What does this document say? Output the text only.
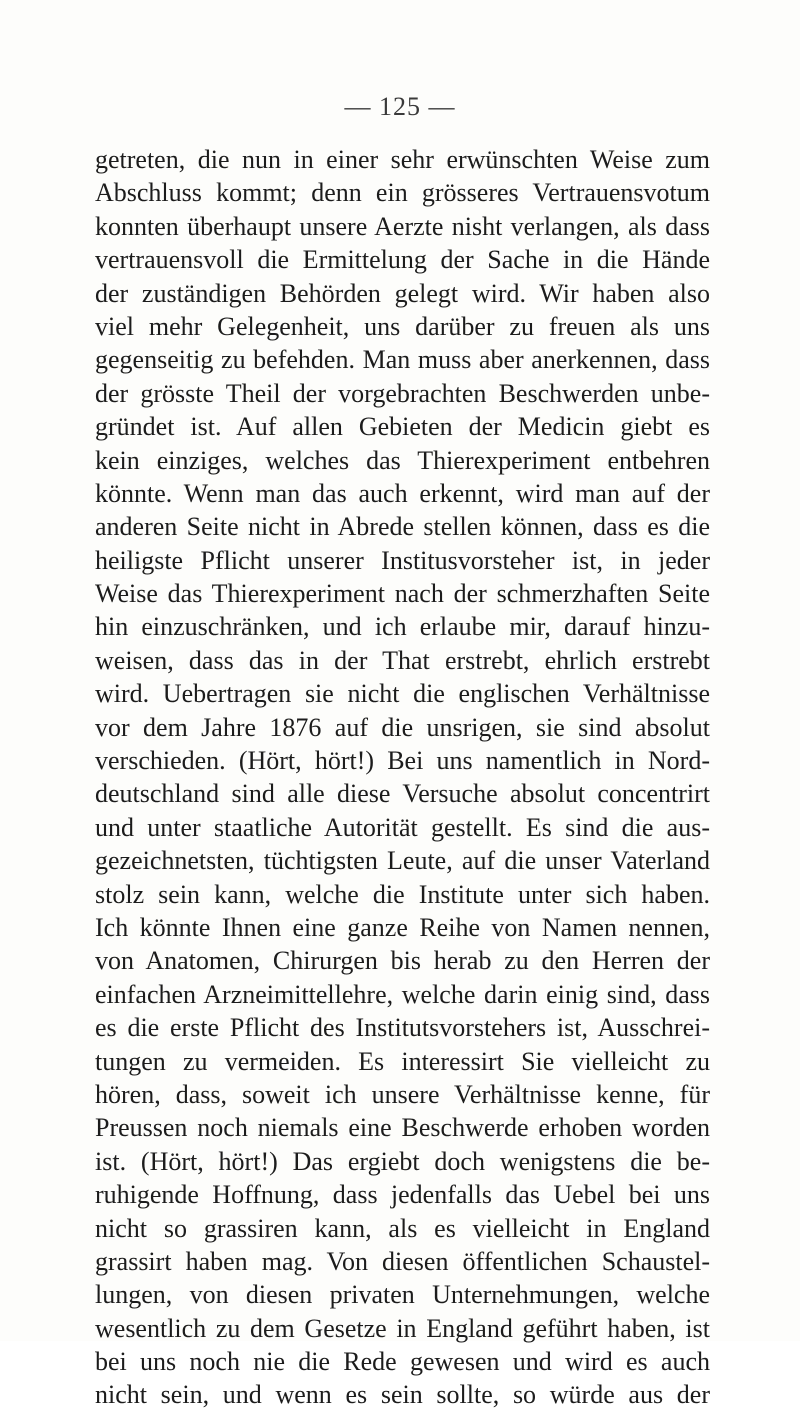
— 125 —
getreten, die nun in einer sehr erwünschten Weise zum
Abschluss kommt; denn ein grösseres Vertrauensvotum
konnten überhaupt unsere Aerzte nisht verlangen, als dass
vertrauensvoll die Ermittelung der Sache in die Hände
der zuständigen Behörden gelegt wird. Wir haben also
viel mehr Gelegenheit, uns darüber zu freuen als uns
gegenseitig zu befehden. Man muss aber anerkennen, dass
der grösste Theil der vorgebrachten Beschwerden unbe-
gründet ist. Auf allen Gebieten der Medicin giebt es
kein einziges, welches das Thierexperiment entbehren
könnte. Wenn man das auch erkennt, wird man auf der
anderen Seite nicht in Abrede stellen können, dass es die
heiligste Pflicht unserer Institusvorsteher ist, in jeder
Weise das Thierexperiment nach der schmerzhaften Seite
hin einzuschränken, und ich erlaube mir, darauf hinzu-
weisen, dass das in der That erstrebt, ehrlich erstrebt
wird. Uebertragen sie nicht die englischen Verhältnisse
vor dem Jahre 1876 auf die unsrigen, sie sind absolut
verschieden. (Hört, hört!) Bei uns namentlich in Nord-
deutschland sind alle diese Versuche absolut concentrirt
und unter staatliche Autorität gestellt. Es sind die aus-
gezeichnetsten, tüchtigsten Leute, auf die unser Vaterland
stolz sein kann, welche die Institute unter sich haben.
Ich könnte Ihnen eine ganze Reihe von Namen nennen,
von Anatomen, Chirurgen bis herab zu den Herren der
einfachen Arzneimittellehre, welche darin einig sind, dass
es die erste Pflicht des Institutsvorstehers ist, Ausschrei-
tungen zu vermeiden. Es interessirt Sie vielleicht zu
hören, dass, soweit ich unsere Verhältnisse kenne, für
Preussen noch niemals eine Beschwerde erhoben worden
ist. (Hört, hört!) Das ergiebt doch wenigstens die be-
ruhigende Hoffnung, dass jedenfalls das Uebel bei uns
nicht so grassiren kann, als es vielleicht in England
grassirt haben mag. Von diesen öffentlichen Schaustel-
lungen, von diesen privaten Unternehmungen, welche
wesentlich zu dem Gesetze in England geführt haben, ist
bei uns noch nie die Rede gewesen und wird es auch
nicht sein, und wenn es sein sollte, so würde aus der
